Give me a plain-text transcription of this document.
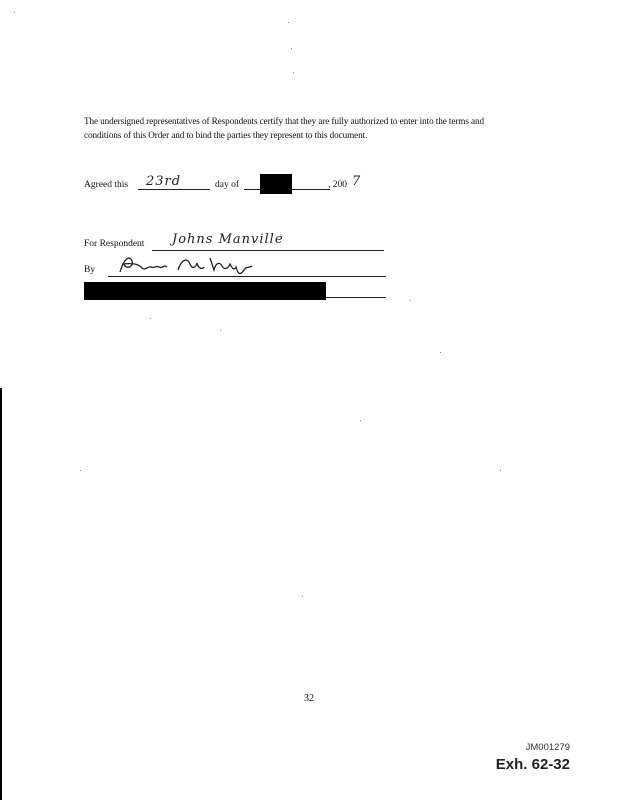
The undersigned representatives of Respondents certify that they are fully authorized to enter into the terms and conditions of this Order and to bind the parties they represent to this document.

Agreed this 23rd	day of	, 200 7
For Respondent Johns Manville
By
32
JM001279
Exh. 62-32
